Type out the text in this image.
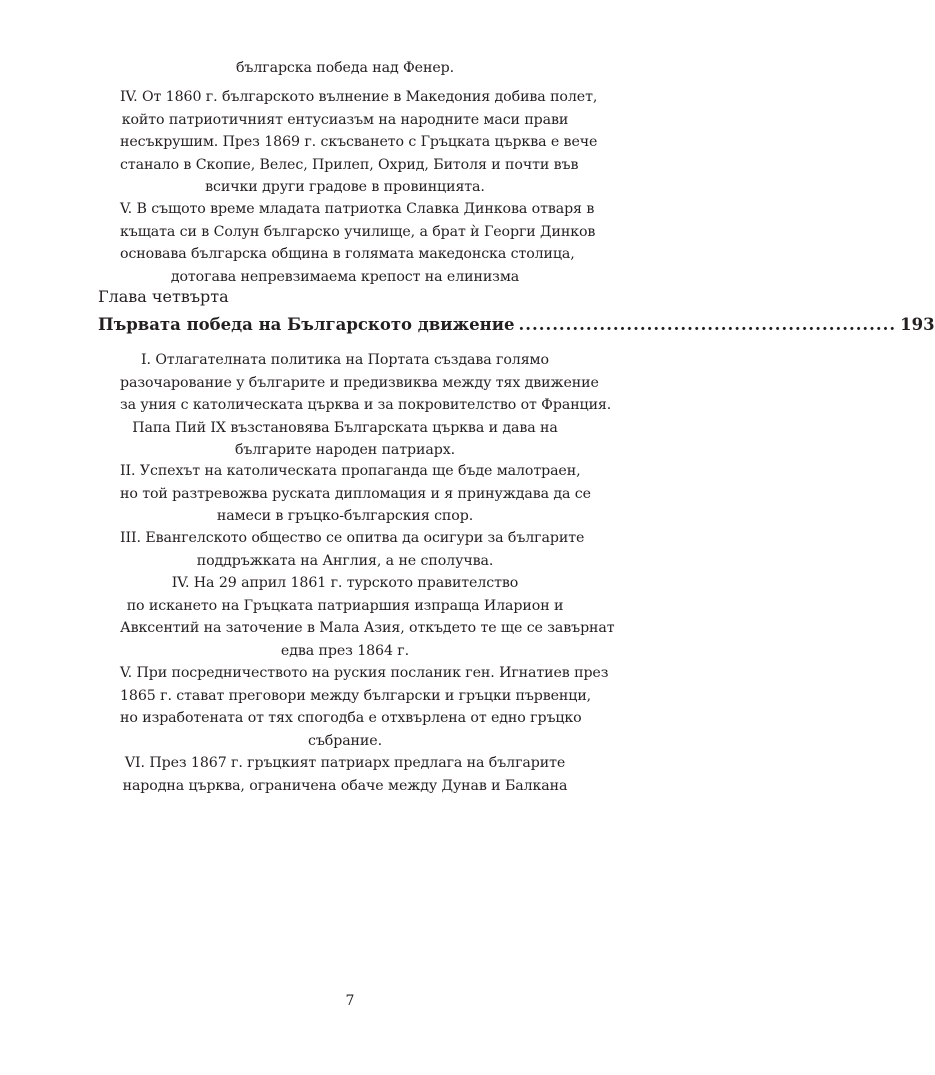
българска победа над Фенер.
IV. От 1860 г. българското вълнение в Македония добива полет,
който патриотичният ентусиазъм на народните маси прави
несъкрушим. През 1869 г. скъсването с Гръцката църква е вече
станало в Скопие, Велес, Прилеп, Охрид, Битоля и почти във
всички други градове в провинцията.
V. В същото време младата патриотка Славка Динкова отваря в
къщата си в Солун българско училище, а брат ѝ Георги Динков
основава българска община в голямата македонска столица,
дотогава непревзимаема крепост на елинизма
Глава четвърта
Първата победа на Българското движение ........................................................ 193
I. Отлагателната политика на Портата създава голямо
разочарование у българите и предизвиква между тях движение
за уния с католическата църква и за покровителство от Франция.
Папа Пий IX възстановява Българската църква и дава на
българите народен патриарх.
II. Успехът на католическата пропаганда ще бъде малотраен,
но той разтревожва руската дипломация и я принуждава да се
намеси в гръцко-българския спор.
III. Евангелското общество се опитва да осигури за българите
поддръжката на Англия, а не сполучва.
IV. На 29 април 1861 г. турското правителство
по искането на Гръцката патриаршия изпраща Иларион и
Авксентий на заточение в Мала Азия, откъдето те ще се завърнат
едва през 1864 г.
V. При посредничеството на руския посланик ген. Игнатиев през
1865 г. стават преговори между български и гръцки първенци,
но изработената от тях спогодба е отхвърлена от едно гръцко
събрание.
VI. През 1867 г. гръцкият патриарх предлага на българите
народна църква, ограничена обаче между Дунав и Балкана
7
